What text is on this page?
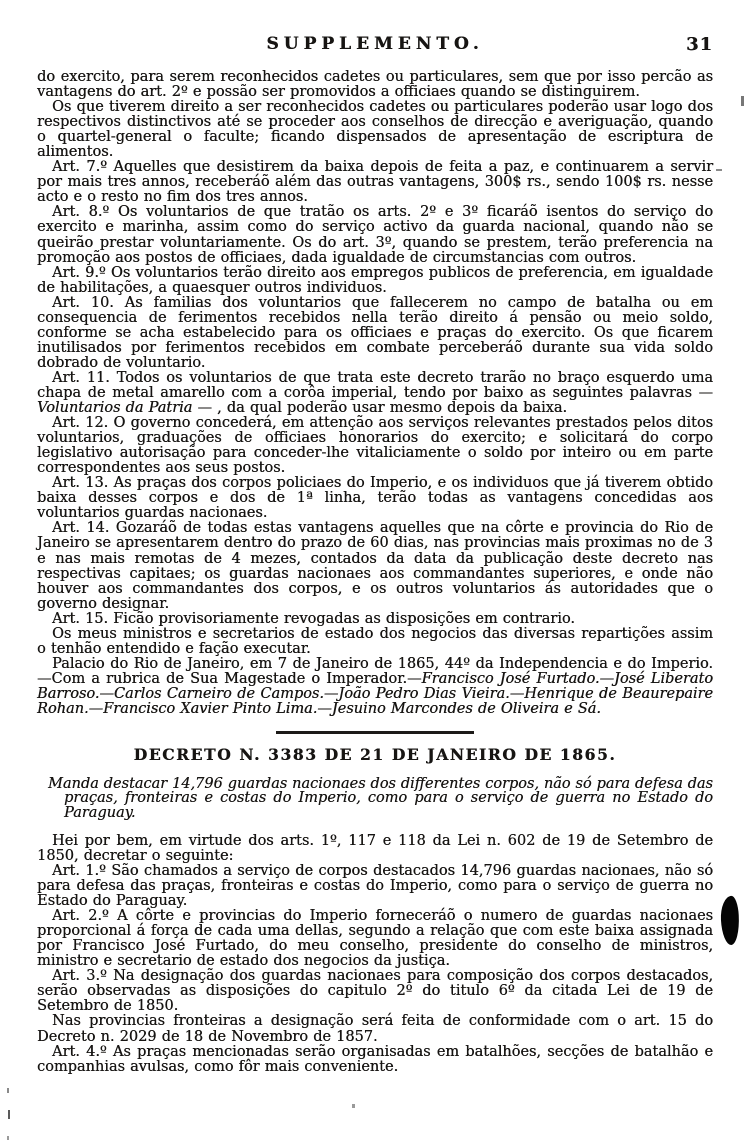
SUPPLEMENTO.	31

do exercito, para serem reconhecidos cadetes ou particulares, sem que por isso percão as vantagens do art. 2º e possão ser promovidos a officiaes quando se distinguirem.

Os que tiverem direito a ser reconhecidos cadetes ou particulares poderão usar logo dos respectivos distinctivos até se proceder aos conselhos de direcção e averiguação, quando o quartel-general o faculte; ficando dispensados de apresentação de escriptura de alimentos.

Art. 7.º Aquelles que desistirem da baixa depois de feita a paz, e continuarem a servir por mais tres annos, receberáõ além das outras vantagens, 300$ rs., sendo 100$ rs. nesse acto e o resto no fim dos tres annos.

Art. 8.º Os voluntarios de que tratão os arts. 2º e 3º ficaráõ isentos do serviço do exercito e marinha, assim como do serviço activo da guarda nacional, quando não se queirão prestar voluntariamente. Os do art. 3º, quando se prestem, terão preferencia na promoção aos postos de officiaes, dada igualdade de circumstancias com outros.

Art. 9.º Os voluntarios terão direito aos empregos publicos de preferencia, em igualdade de habilitações, a quaesquer outros individuos.

Art. 10. As familias dos voluntarios que fallecerem no campo de batalha ou em consequencia de ferimentos recebidos nella terão direito á pensão ou meio soldo, conforme se acha estabelecido para os officiaes e praças do exercito. Os que ficarem inutilisados por ferimentos recebidos em combate perceberáõ durante sua vida soldo dobrado de voluntario.

Art. 11. Todos os voluntarios de que trata este decreto trarão no braço esquerdo uma chapa de metal amarello com a corôa imperial, tendo por baixo as seguintes palavras — Voluntarios da Patria — , da qual poderão usar mesmo depois da baixa.

Art. 12. O governo concederá, em attenção aos serviços relevantes prestados pelos ditos voluntarios, graduações de officiaes honorarios do exercito; e solicitará do corpo legislativo autorisação para conceder-lhe vitaliciamente o soldo por inteiro ou em parte correspondentes aos seus postos.

Art. 13. As praças dos corpos policiaes do Imperio, e os individuos que já tiverem obtido baixa desses corpos e dos de 1ª linha, terão todas as vantagens concedidas aos voluntarios guardas nacionaes.

Art. 14. Gozaráõ de todas estas vantagens aquelles que na côrte e provincia do Rio de Janeiro se apresentarem dentro do prazo de 60 dias, nas provincias mais proximas no de 3 e nas mais remotas de 4 mezes, contados da data da publicação deste decreto nas respectivas capitaes; os guardas nacionaes aos commandantes superiores, e onde não houver aos commandantes dos corpos, e os outros voluntarios ás autoridades que o governo designar.

Art. 15. Ficão provisoriamente revogadas as disposições em contrario.

Os meus ministros e secretarios de estado dos negocios das diversas repartições assim o tenhão entendido e fação executar.

Palacio do Rio de Janeiro, em 7 de Janeiro de 1865, 44º da Independencia e do Imperio.—Com a rubrica de Sua Magestade o Imperador.—Francisco José Furtado.—José Liberato Barroso.—Carlos Carneiro de Campos.—João Pedro Dias Vieira.—Henrique de Beaurepaire Rohan.—Francisco Xavier Pinto Lima.—Jesuino Marcondes de Oliveira e Sá.

DECRETO N. 3383 DE 21 DE JANEIRO DE 1865.
Manda destacar 14,796 guardas nacionaes dos differentes corpos, não só para defesa das praças, fronteiras e costas do Imperio, como para o serviço de guerra no Estado do Paraguay.

Hei por bem, em virtude dos arts. 1º, 117 e 118 da Lei n. 602 de 19 de Setembro de 1850, decretar o seguinte:

Art. 1.º São chamados a serviço de corpos destacados 14,796 guardas nacionaes, não só para defesa das praças, fronteiras e costas do Imperio, como para o serviço de guerra no Estado do Paraguay.

Art. 2.º A côrte e provincias do Imperio forneceráõ o numero de guardas nacionaes proporcional á força de cada uma dellas, segundo a relação que com este baixa assignada por Francisco José Furtado, do meu conselho, presidente do conselho de ministros, ministro e secretario de estado dos negocios da justiça.

Art. 3.º Na designação dos guardas nacionaes para composição dos corpos destacados, serão observadas as disposições do capitulo 2º do titulo 6º da citada Lei de 19 de Setembro de 1850.

Nas provincias fronteiras a designação será feita de conformidade com o art. 15 do Decreto n. 2029 de 18 de Novembro de 1857.

Art. 4.º As praças mencionadas serão organisadas em batalhões, secções de batalhão e companhias avulsas, como fôr mais conveniente.
